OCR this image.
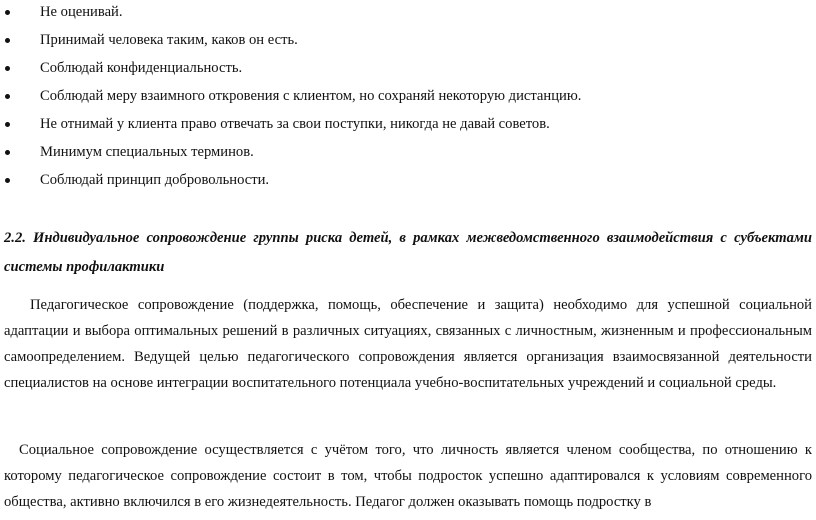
Не оценивай.
Принимай человека таким, каков он есть.
Соблюдай конфиденциальность.
Соблюдай меру взаимного откровения с клиентом, но сохраняй некоторую дистанцию.
Не отнимай у клиента право отвечать за свои поступки, никогда не давай советов.
Минимум специальных терминов.
Соблюдай принцип добровольности.

2.2. Индивидуальное сопровождение группы риска детей, в рамках межведомственного взаимодействия с субъектами системы профилактики

Педагогическое сопровождение (поддержка, помощь, обеспечение и защита) необходимо для успешной социальной адаптации и выбора оптимальных решений в различных ситуациях, связанных с личностным, жизненным и профессиональным самоопределением. Ведущей целью педагогического сопровождения является организация взаимосвязанной деятельности специалистов на основе интеграции воспитательного потенциала учебно-воспитательных учреждений и социальной среды.

Социальное сопровождение осуществляется с учётом того, что личность является членом сообщества, по отношению к которому педагогическое сопровождение состоит в том, чтобы подросток успешно адаптировался к условиям современного общества, активно включился в его жизнедеятельность. Педагог должен оказывать помощь подростку в
